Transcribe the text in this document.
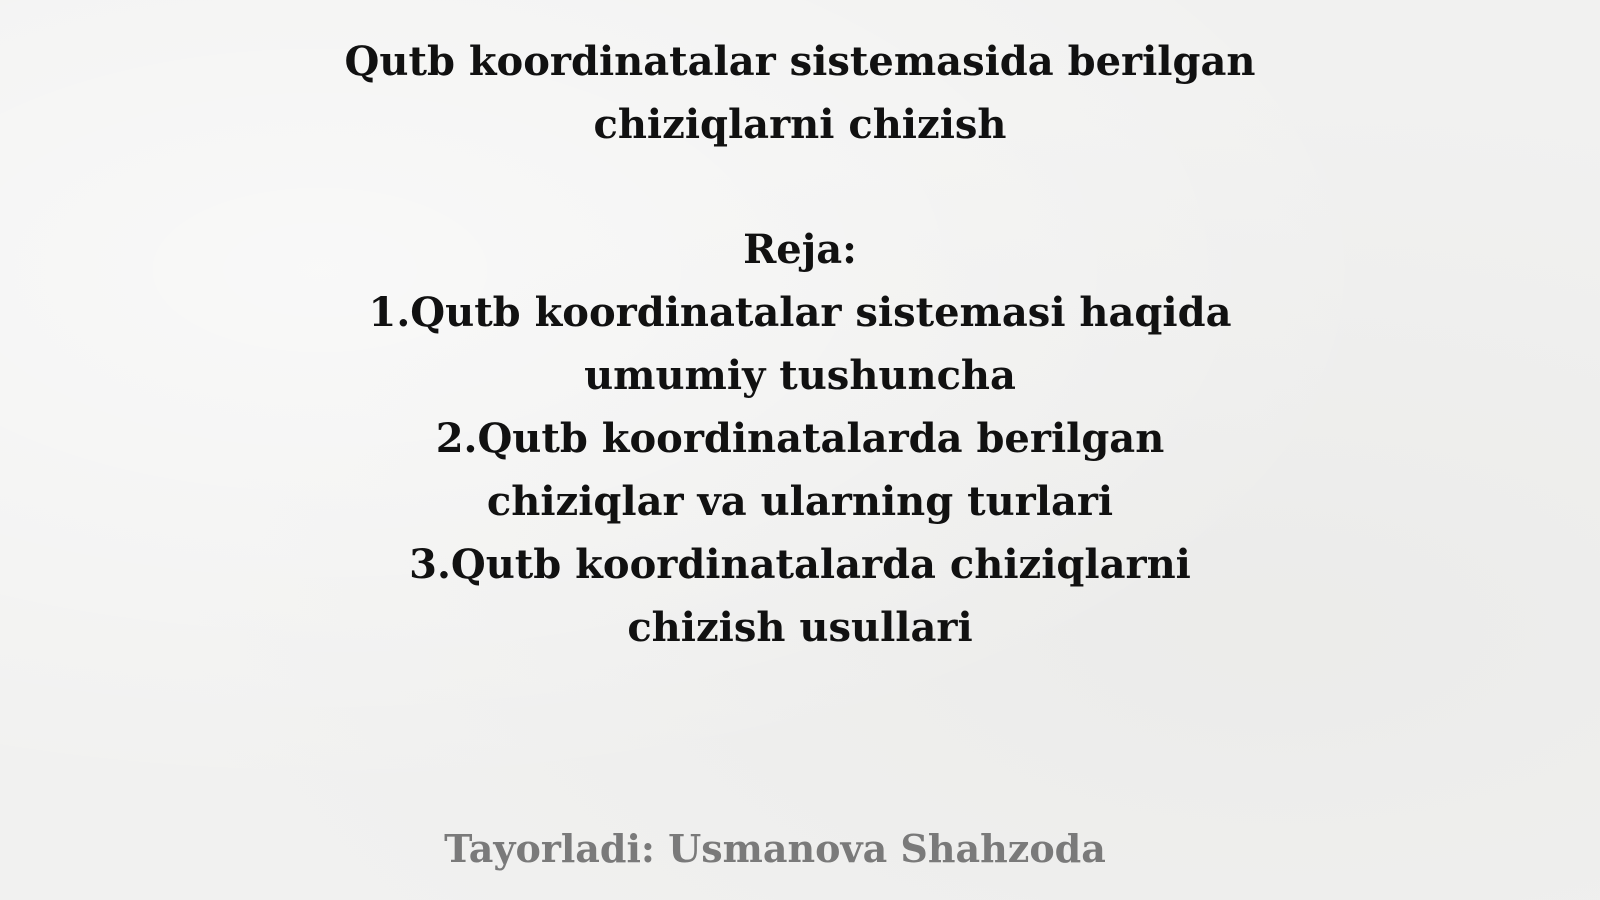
Qutb koordinatalar sistemasida berilgan
chiziqlarni chizish
Reja:
1.Qutb koordinatalar sistemasi haqida
umumiy tushuncha
2.Qutb koordinatalarda berilgan
chiziqlar va ularning turlari
3.Qutb koordinatalarda chiziqlarni
chizish usullari
Tayorladi: Usmanova Shahzoda
